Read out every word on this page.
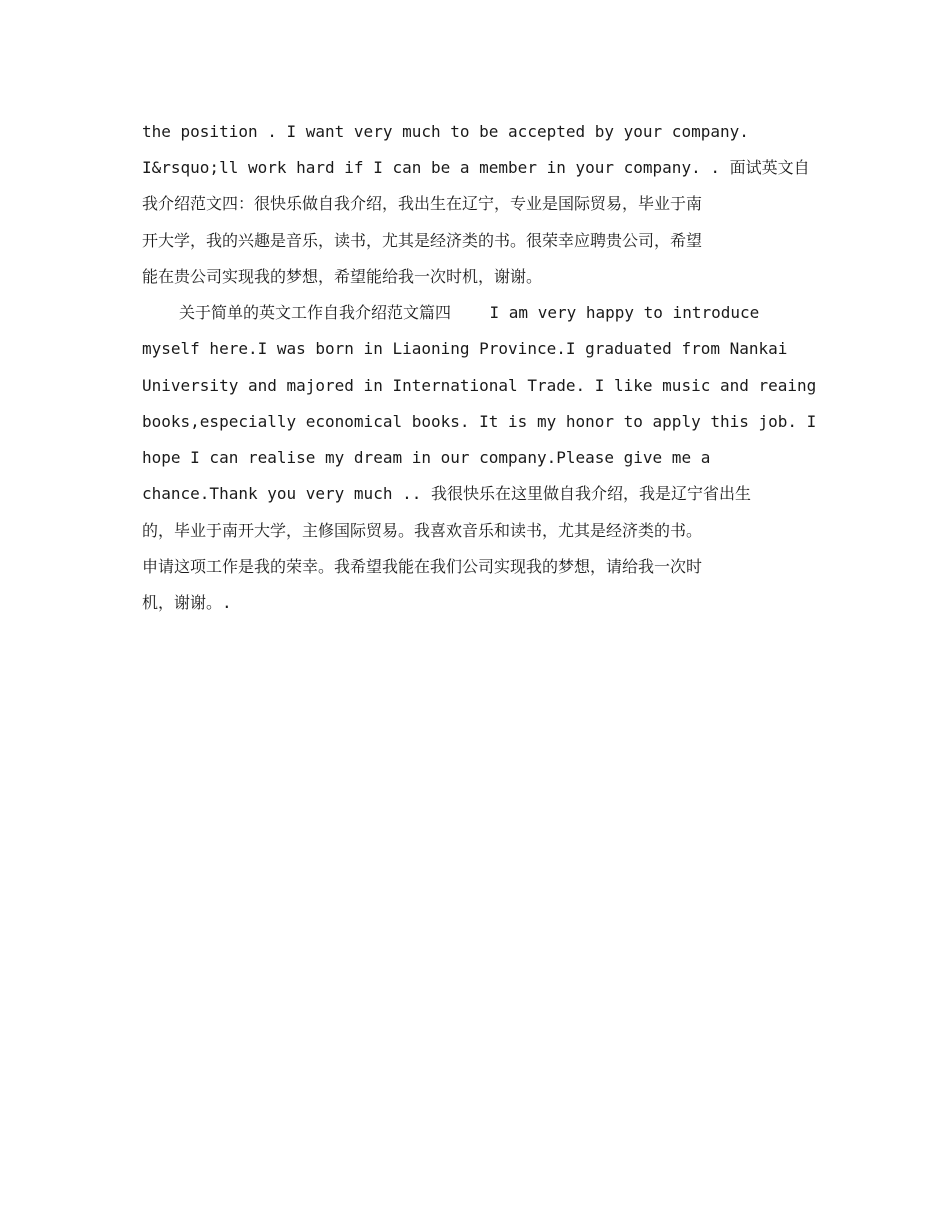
the position . I want very much to be accepted by your company.
I&rsquo;ll work hard if I can be a member in your company. . 面试英文自
我介绍范文四：很快乐做自我介绍，我出生在辽宁，专业是国际贸易，毕业于南
开大学，我的兴趣是音乐，读书，尤其是经济类的书。很荣幸应聘贵公司，希望
能在贵公司实现我的梦想，希望能给我一次时机，谢谢。
关于简单的英文工作自我介绍范文篇四    I am very happy to introduce
myself here.I was born in Liaoning Province.I graduated from Nankai
University and majored in International Trade. I like music and reaing
books,especially economical books. It is my honor to apply this job. I
hope I can realise my dream in our company.Please give me a
chance.Thank you very much .. 我很快乐在这里做自我介绍，我是辽宁省出生
的，毕业于南开大学，主修国际贸易。我喜欢音乐和读书，尤其是经济类的书。
申请这项工作是我的荣幸。我希望我能在我们公司实现我的梦想，请给我一次时
机，谢谢。.
